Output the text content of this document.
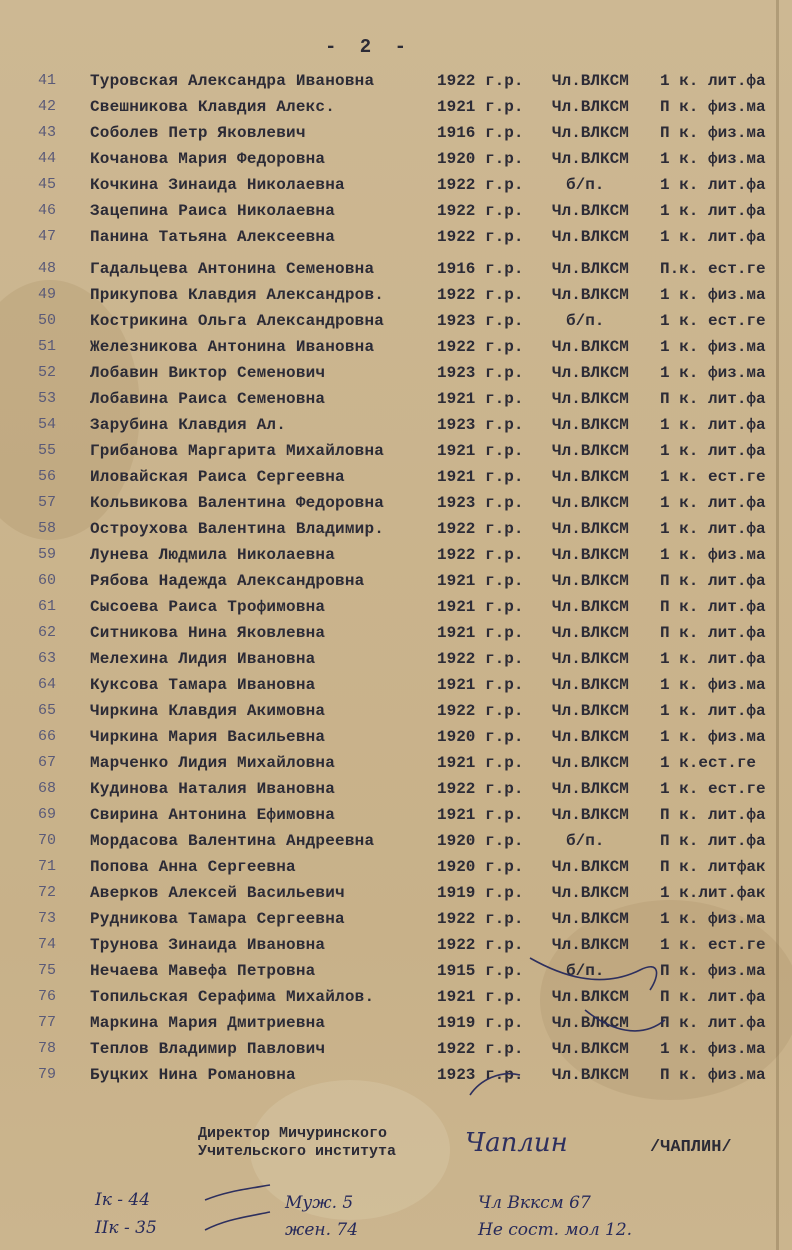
- 2 -
41	Туровская Александра Ивановна	1922 г.р. Чл.ВЛКСМ 1 к. лит.фа
42	Свешникова Клавдия Алекс.	1921 г.р. Чл.ВЛКСМ П к. физ.ма
43	Соболев Петр Яковлевич	1916 г.р. Чл.ВЛКСМ П к. физ.ма
44	Кочанова Мария Федоровна	1920 г.р. Чл.ВЛКСМ 1 к. физ.ма
45	Кочкина Зинаида Николаевна	1922 г.р.	б/п.	1 к. лит.фа
46	Зацепина Раиса Николаевна	1922 г.р. Чл.ВЛКСМ 1 к. лит.фа
47	Панина Татьяна Алексеевна	1922 г.р. Чл.ВЛКСМ 1 к. лит.фа
48	Гадальцева Антонина Семеновна	1916 г.р. Чл.ВЛКСМ П.к. ест.ге
49	Прикупова Клавдия Александров.	1922 г.р. Чл.ВЛКСМ 1 к. физ.ма
50	Кострикина Ольга Александровна	1923 г.р.	б/п.	1 к. ест.ге
51	Железникова Антонина Ивановна	1922 г.р. Чл.ВЛКСМ 1 к. физ.ма
52	Лобавин Виктор Семенович	1923 г.р. Чл.ВЛКСМ 1 к. физ.ма
53	Лобавина Раиса Семеновна	1921 г.р. Чл.ВЛКСМ П к. лит.фа
54	Зарубина Клавдия Ал.	1923 г.р. Чл.ВЛКСМ 1 к. лит.фа
55	Грибанова Маргарита Михайловна	1921 г.р. Чл.ВЛКСМ 1 к. лит.фа
56	Иловайская Раиса Сергеевна	1921 г.р. Чл.ВЛКСМ 1 к. ест.ге
57	Кольвикова Валентина Федоровна	1923 г.р. Чл.ВЛКСМ 1 к. лит.фа
58	Остроухова Валентина Владимир.	1922 г.р. Чл.ВЛКСМ 1 к. лит.фа
59	Лунева Людмила Николаевна	1922 г.р. Чл.ВЛКСМ 1 к. физ.ма
60	Рябова Надежда Александровна	1921 г.р. Чл.ВЛКСМ П к. лит.фа
61	Сысоева Раиса Трофимовна	1921 г.р. Чл.ВЛКСМ П к. лит.фа
62	Ситникова Нина Яковлевна	1921 г.р. Чл.ВЛКСМ П к. лит.фа
63	Мелехина Лидия Ивановна	1922 г.р. Чл.ВЛКСМ 1 к. лит.фа
64	Куксова Тамара Ивановна	1921 г.р. Чл.ВЛКСМ 1 к. физ.ма
65	Чиркина Клавдия Акимовна	1922 г.р. Чл.ВЛКСМ 1 к. лит.фа
66	Чиркина Мария Васильевна	1920 г.р. Чл.ВЛКСМ 1 к. физ.ма
67	Марченко Лидия Михайловна	1921 г.р. Чл.ВЛКСМ 1 к.ест.ге
68	Кудинова Наталия Ивановна	1922 г.р. Чл.ВЛКСМ 1 к. ест.ге
69	Свирина Антонина Ефимовна	1921 г.р. Чл.ВЛКСМ П к. лит.фа
70	Мордасова Валентина Андреевна	1920 г.р.	б/п.	П к. лит.фа
71	Попова Анна Сергеевна	1920 г.р. Чл.ВЛКСМ П к. литфак
72	Аверков Алексей Васильевич	1919 г.р. Чл.ВЛКСМ 1 к.лит.фак
73	Рудникова Тамара Сергеевна	1922 г.р. Чл.ВЛКСМ 1 к. физ.ма
74	Трунова Зинаида Ивановна	1922 г.р. Чл.ВЛКСМ 1 к. ест.ге
75	Нечаева Мавефа Петровна	1915 г.р.	б/п.	П к. физ.ма
76	Топильская Серафима Михайлов.	1921 г.р. Чл.ВЛКСМ П к. лит.фа
77	Маркина Мария Дмитриевна	1919 г.р. Чл.ВЛКСМ П к. лит.фа
78	Теплов Владимир Павлович	1922 г.р. Чл.ВЛКСМ 1 к. физ.ма
79	Буцких Нина Романовна	1923 г.р. Чл.ВЛКСМ П к. физ.ма
Директор Мичуринского
Учительского института	Чаплин	/ЧАПЛИН/
Iк - 44
IIк - 35
Муж. 5
жен. 74
Чл Вкксм 67
Не сост. мол 12.
